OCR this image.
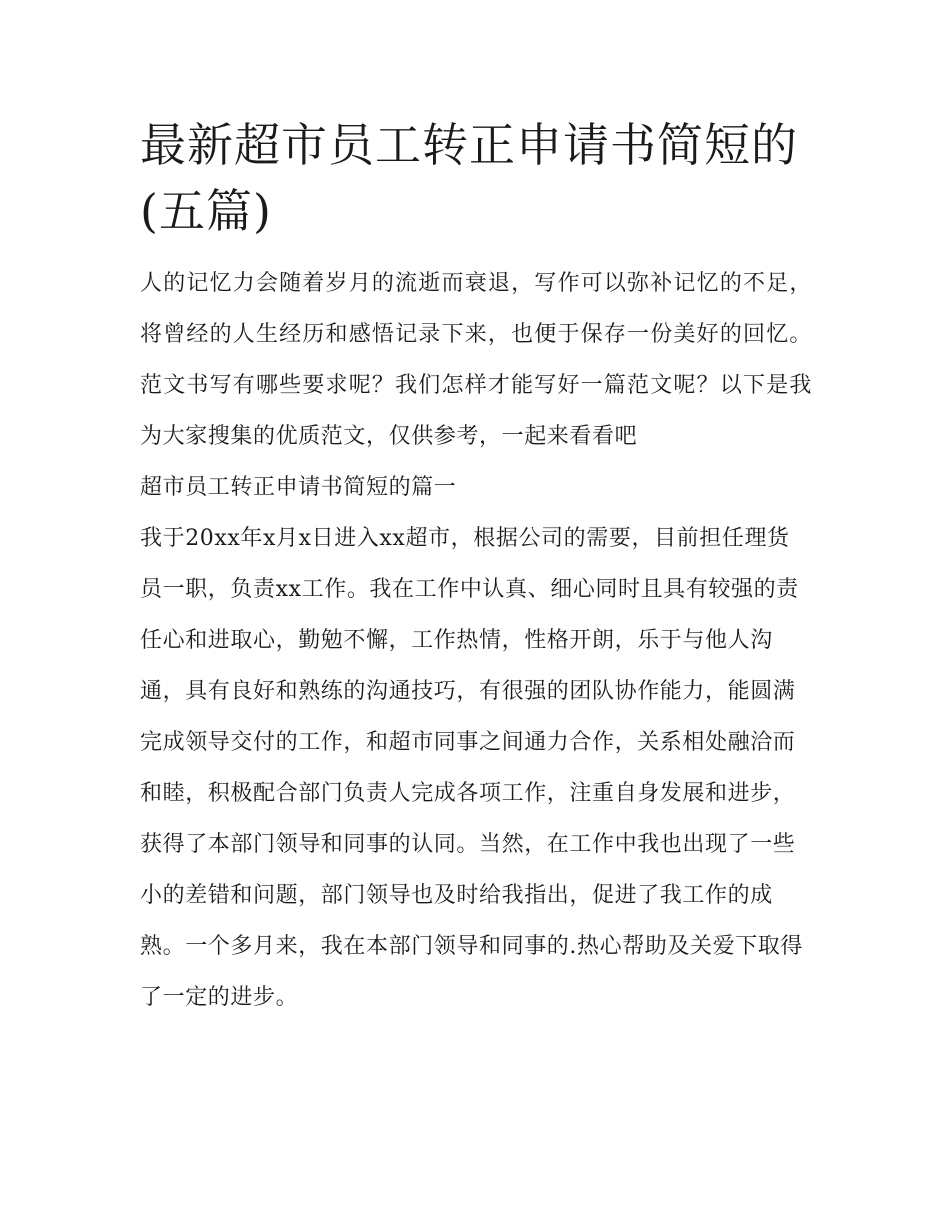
最新超市员工转正申请书简短的(五篇)

人的记忆力会随着岁月的流逝而衰退，写作可以弥补记忆的不足，将曾经的人生经历和感悟记录下来，也便于保存一份美好的回忆。范文书写有哪些要求呢？我们怎样才能写好一篇范文呢？以下是我为大家搜集的优质范文，仅供参考，一起来看看吧

超市员工转正申请书简短的篇一

我于20xx年x月x日进入xx超市，根据公司的需要，目前担任理货员一职，负责xx工作。我在工作中认真、细心同时且具有较强的责任心和进取心，勤勉不懈，工作热情，性格开朗，乐于与他人沟通，具有良好和熟练的沟通技巧，有很强的团队协作能力，能圆满完成领导交付的工作，和超市同事之间通力合作，关系相处融洽而和睦，积极配合部门负责人完成各项工作，注重自身发展和进步，获得了本部门领导和同事的认同。当然，在工作中我也出现了一些小的差错和问题，部门领导也及时给我指出，促进了我工作的成熟。一个多月来，我在本部门领导和同事的.热心帮助及关爱下取得了一定的进步。
